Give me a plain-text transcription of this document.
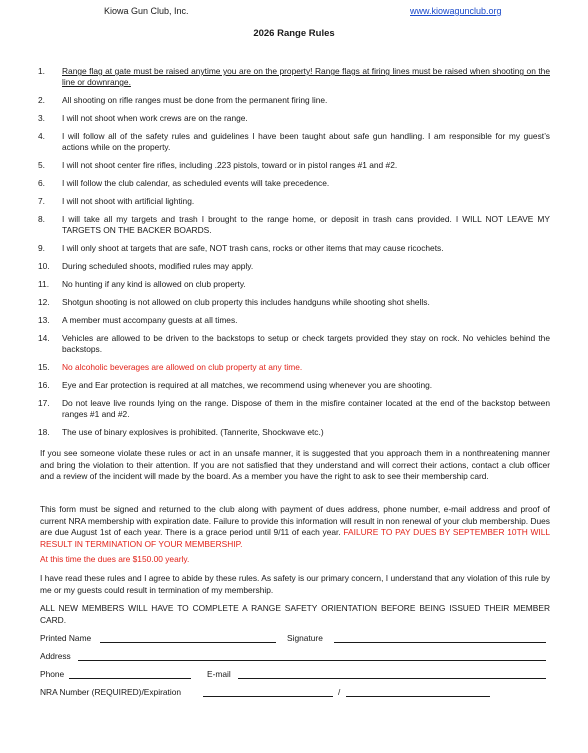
Kiowa Gun Club, Inc.	www.kiowagunclub.org
2026 Range Rules
1.	Range flag at gate must be raised anytime you are on the property! Range flags at firing lines must be raised when shooting on the line or downrange.
2.	All shooting on rifle ranges must be done from the permanent firing line.
3.	I will not shoot when work crews are on the range.
4.	I will follow all of the safety rules and guidelines I have been taught about safe gun handling. I am responsible for my guest’s actions while on the property.
5.	I will not shoot center fire rifles, including .223 pistols, toward or in pistol ranges #1 and #2.
6.	I will follow the club calendar, as scheduled events will take precedence.
7.	I will not shoot with artificial lighting.
8.	I will take all my targets and trash I brought to the range home, or deposit in trash cans provided. I WILL NOT LEAVE MY TARGETS ON THE BACKER BOARDS.
9.	I will only shoot at targets that are safe, NOT trash cans, rocks or other items that may cause ricochets.
10.	During scheduled shoots, modified rules may apply.
11.	No hunting if any kind is allowed on club property.
12.	Shotgun shooting is not allowed on club property this includes handguns while shooting shot shells.
13.	A member must accompany guests at all times.
14.	Vehicles are allowed to be driven to the backstops to setup or check targets provided they stay on rock. No vehicles behind the backstops.
15.	No alcoholic beverages are allowed on club property at any time.
16.	Eye and Ear protection is required at all matches, we recommend using whenever you are shooting.
17.	Do not leave live rounds lying on the range. Dispose of them in the misfire container located at the end of the backstop between ranges #1 and #2.
18.	The use of binary explosives is prohibited. (Tannerite, Shockwave etc.)
If you see someone violate these rules or act in an unsafe manner, it is suggested that you approach them in a nonthreatening manner and bring the violation to their attention. If you are not satisfied that they understand and will correct their actions, contact a club officer and a review of the incident will made by the board. As a member you have the right to ask to see their membership card.
This form must be signed and returned to the club along with payment of dues address, phone number, e-mail address and proof of current NRA membership with expiration date. Failure to provide this information will result in non renewal of your club membership. Dues are due August 1st of each year. There is a grace period until 9/11 of each year. FAILURE TO PAY DUES BY SEPTEMBER 10TH WILL RESULT IN TERMINATION OF YOUR MEMBERSHIP.
At this time the dues are $150.00 yearly.
I have read these rules and I agree to abide by these rules. As safety is our primary concern, I understand that any violation of this rule by me or my guests could result in termination of my membership.
ALL NEW MEMBERS WILL HAVE TO COMPLETE A RANGE SAFETY ORIENTATION BEFORE BEING ISSUED THEIR MEMBER CARD.
Printed Name	Signature
Address
Phone	E-mail
NRA Number (REQUIRED)/Expiration	/
